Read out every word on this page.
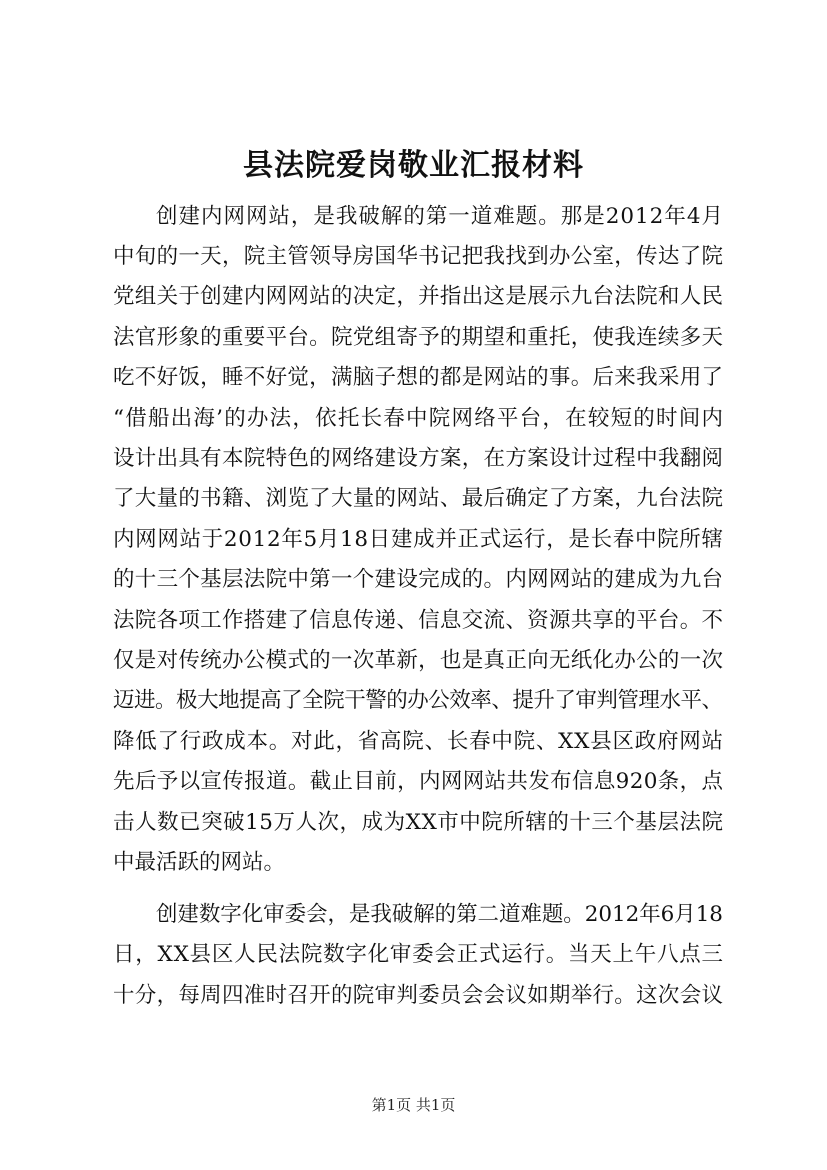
县法院爱岗敬业汇报材料
创建内网网站，是我破解的第一道难题。那是2012年4月
中旬的一天，院主管领导房国华书记把我找到办公室，传达了院
党组关于创建内网网站的决定，并指出这是展示九台法院和人民
法官形象的重要平台。院党组寄予的期望和重托，使我连续多天
吃不好饭，睡不好觉，满脑子想的都是网站的事。后来我采用了
“借船出海’的办法，依托长春中院网络平台，在较短的时间内
设计出具有本院特色的网络建设方案，在方案设计过程中我翻阅
了大量的书籍、浏览了大量的网站、最后确定了方案，九台法院
内网网站于2012年5月18日建成并正式运行，是长春中院所辖
的十三个基层法院中第一个建设完成的。内网网站的建成为九台
法院各项工作搭建了信息传递、信息交流、资源共享的平台。不
仅是对传统办公模式的一次革新，也是真正向无纸化办公的一次
迈进。极大地提高了全院干警的办公效率、提升了审判管理水平、
降低了行政成本。对此，省高院、长春中院、XX县区政府网站
先后予以宣传报道。截止目前，内网网站共发布信息920条，点
击人数已突破15万人次，成为XX市中院所辖的十三个基层法院
中最活跃的网站。
创建数字化审委会，是我破解的第二道难题。2012年6月18
日，XX县区人民法院数字化审委会正式运行。当天上午八点三
十分，每周四准时召开的院审判委员会会议如期举行。这次会议
第1页 共1页
